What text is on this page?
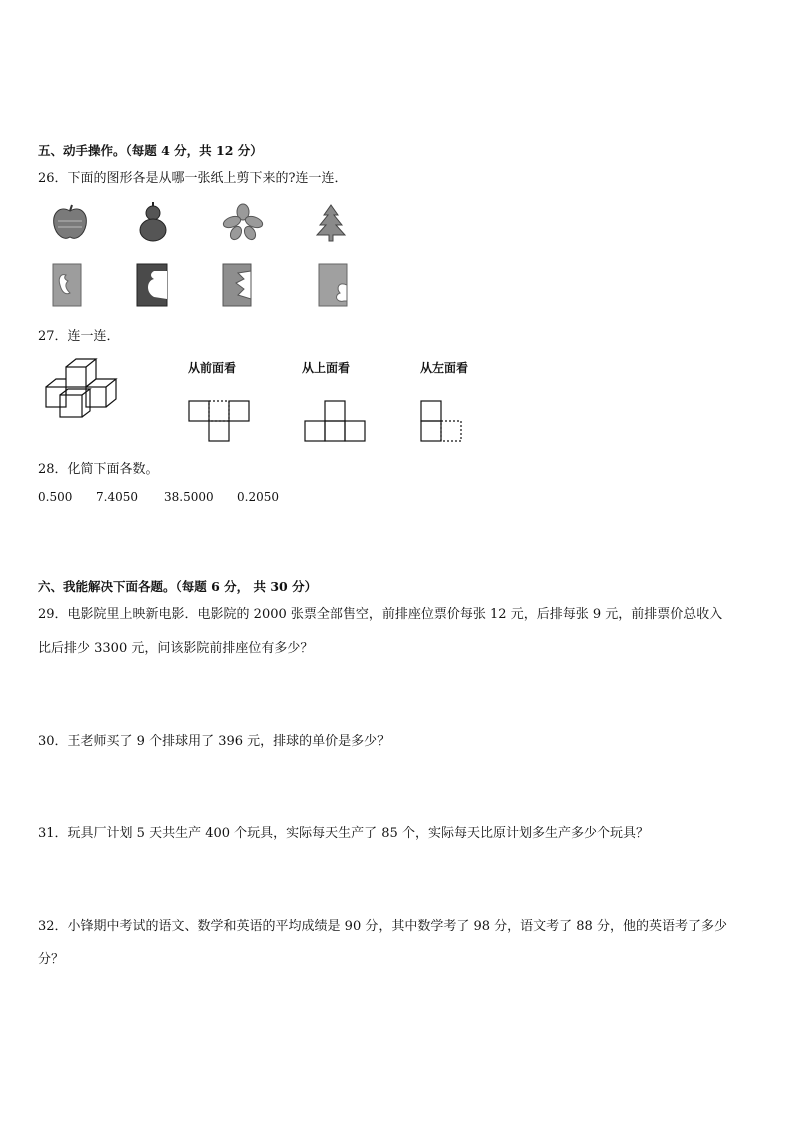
五、动手操作。（每题 4 分，共 12 分）
26．下面的图形各是从哪一张纸上剪下来的?连一连．
27．连一连．
从前面看	从上面看	从左面看
28．化简下面各数。
0.500 7.4050 38.5000 0.2050
六、我能解决下面各题。（每题 6 分， 共 30 分）
29．电影院里上映新电影．电影院的 2000 张票全部售空，前排座位票价每张 12 元，后排每张 9 元，前排票价总收入
比后排少 3300 元，问该影院前排座位有多少？
30．王老师买了 9 个排球用了 396 元，排球的单价是多少？
31．玩具厂计划 5 天共生产 400 个玩具，实际每天生产了 85 个，实际每天比原计划多生产多少个玩具？
32．小锋期中考试的语文、数学和英语的平均成绩是 90 分，其中数学考了 98 分，语文考了 88 分，他的英语考了多少
分？
